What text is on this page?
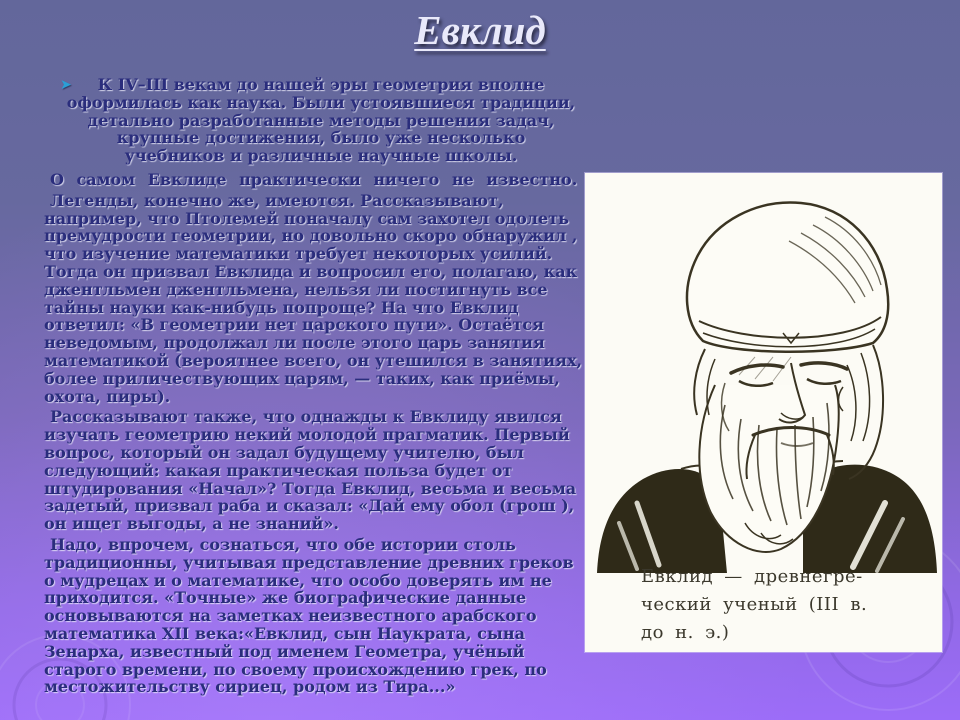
Евклид
➤ К IV–III векам до нашей эры геометрия вполне оформилась как наука. Были устоявшиеся традиции, детально разработанные методы решения задач, крупные достижения, было уже несколько учебников и различные научные школы.
О самом Евклиде практически ничего не известно.
Легенды, конечно же, имеются. Рассказывают, например, что Птолемей поначалу сам захотел одолеть премудрости геометрии, но довольно скоро обнаружил , что изучение математики требует некоторых усилий. Тогда он призвал Евклида и вопросил его, полагаю, как джентльмен джентльмена, нельзя ли постигнуть все тайны науки как-нибудь попроще? На что Евклид ответил: «В геометрии нет царского пути». Остаётся неведомым, продолжал ли после этого царь занятия математикой (вероятнее всего, он утешился в занятиях, более приличествующих царям, — таких, как приёмы, охота, пиры).
Рассказывают также, что однажды к Евклиду явился изучать геометрию некий молодой прагматик. Первый вопрос, который он задал будущему учителю, был следующий: какая практическая польза будет от штудирования «Начал»? Тогда Евклид, весьма и весьма задетый, призвал раба и сказал: «Дай ему обол (грош ), он ищет выгоды, а не знаний».
Надо, впрочем, сознаться, что обе истории столь традиционны, учитывая представление древних греков о мудрецах и о математике, что особо доверять им не приходится. «Точные» же биографические данные основываются на заметках неизвестного арабского математика XII века:«Евклид, сын Наукрата, сына Зенарха, известный под именем Геометра, учёный старого времени, по своему происхождению грек, по местожительству сириец, родом из Тира...»
Евклид — древнегре-
ческий ученый (III в.
до н. э.)
